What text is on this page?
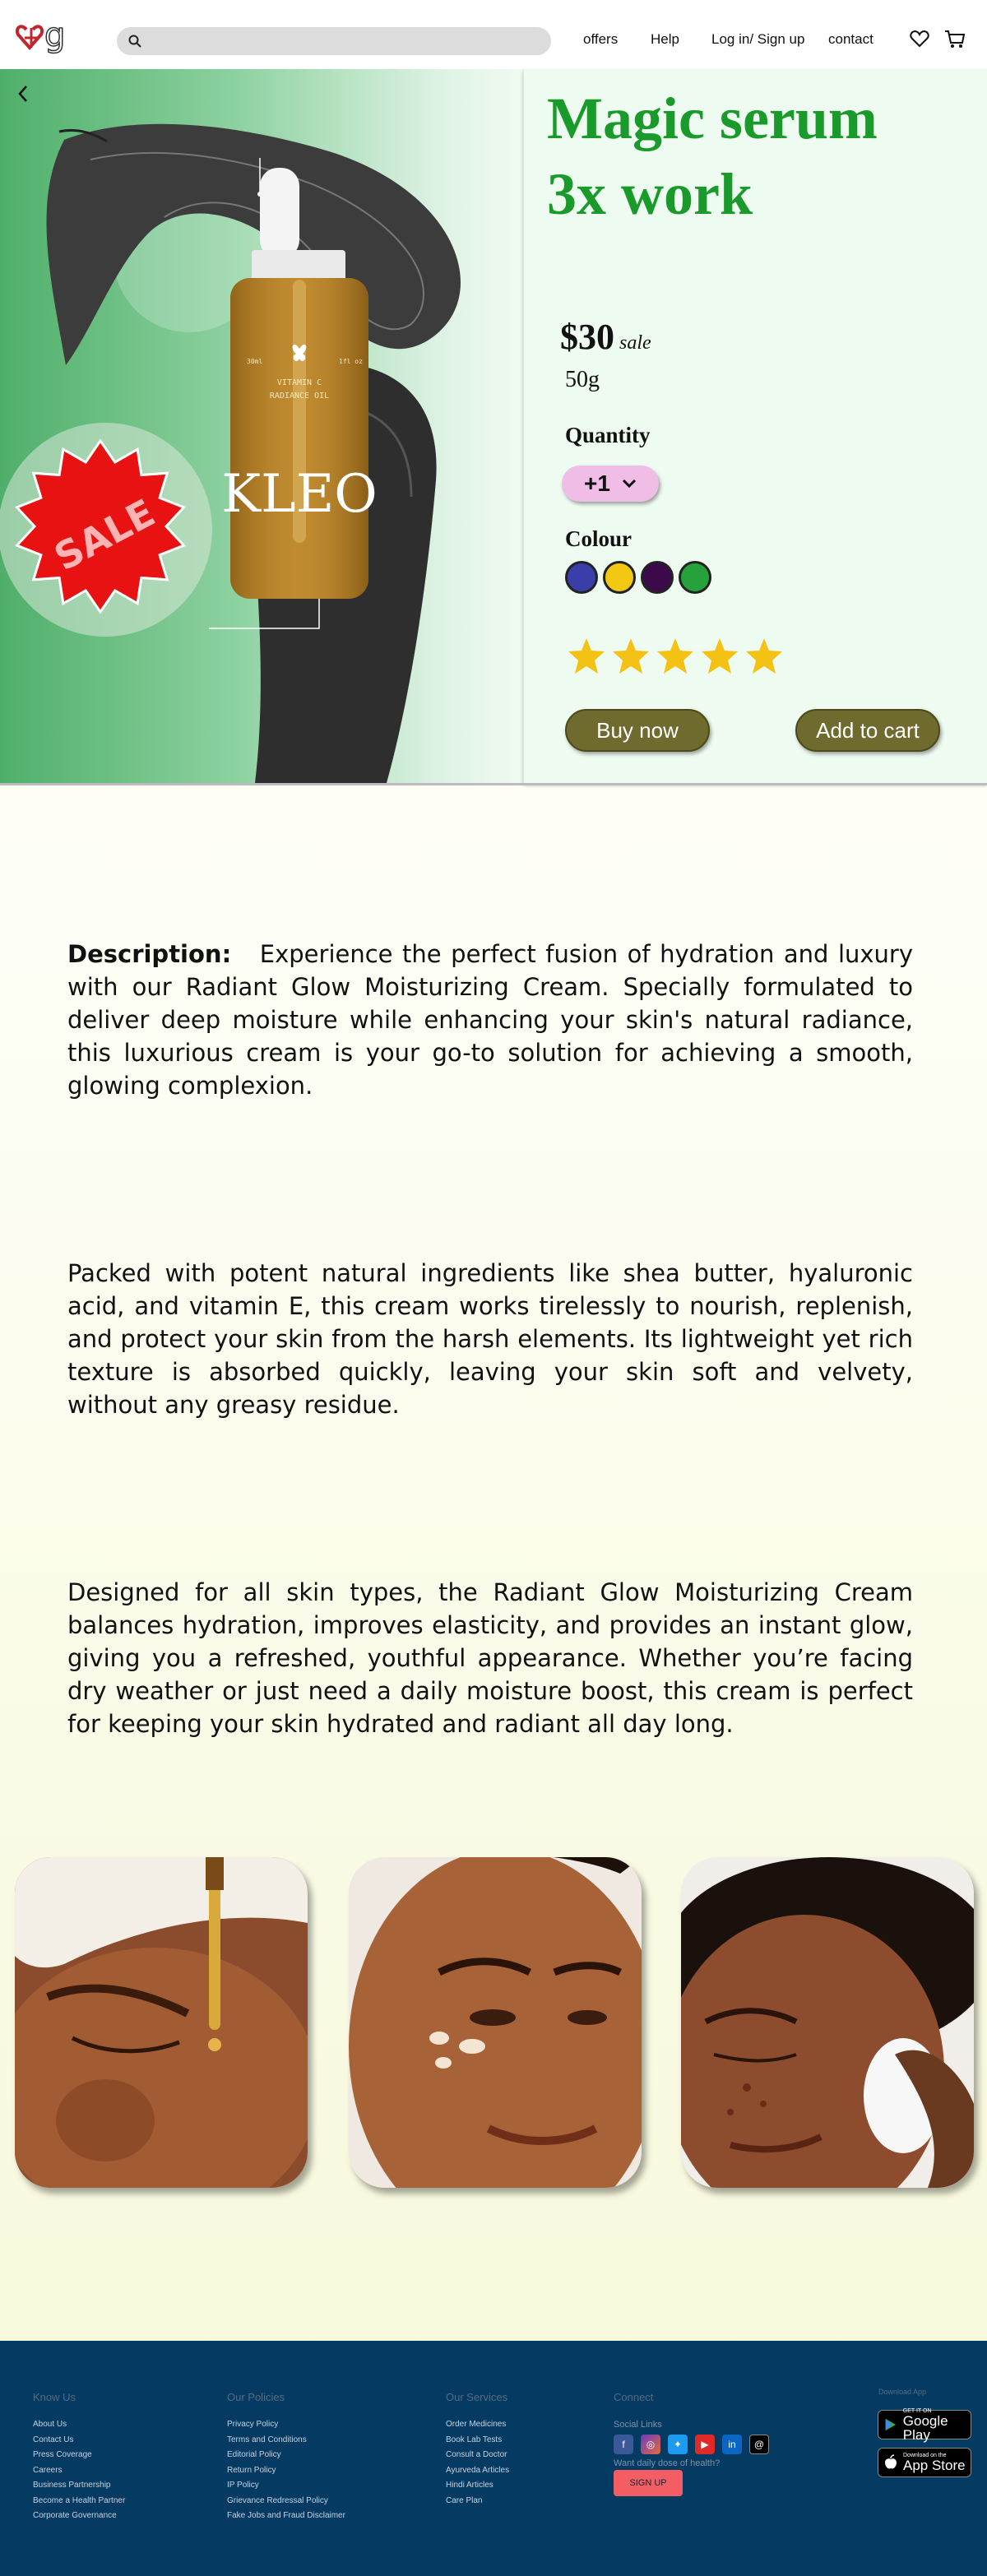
g	offers Help Log in/ Sign up contact
VITAMIN C
RADIANCE OIL
30ml	1fl oz
KLEO
SALE
Magic serum
3x work
$30 sale
50g
Quantity
+1
Colour
Buy now	Add to cart

Description: Experience the perfect fusion of hydration and luxury with our Radiant Glow Moisturizing Cream. Specially formulated to deliver deep moisture while enhancing your skin's natural radiance, this luxurious cream is your go-to solution for achieving a smooth, glowing complexion.

Packed with potent natural ingredients like shea butter, hyaluronic acid, and vitamin E, this cream works tirelessly to nourish, replenish, and protect your skin from the harsh elements. Its lightweight yet rich texture is absorbed quickly, leaving your skin soft and velvety, without any greasy residue.

Designed for all skin types, the Radiant Glow Moisturizing Cream balances hydration, improves elasticity, and provides an instant glow, giving you a refreshed, youthful appearance. Whether you’re facing dry weather or just need a daily moisture boost, this cream is perfect for keeping your skin hydrated and radiant all day long.

Know Us
About Us
Contact Us
Press Coverage
Careers
Business Partnership
Become a Health Partner
Corporate Governance
Our Policies
Privacy Policy
Terms and Conditions
Editorial Policy
Return Policy
IP Policy
Grievance Redressal Policy
Fake Jobs and Fraud Disclaimer
Our Services
Order Medicines
Book Lab Tests
Consult a Doctor
Ayurveda Articles
Hindi Articles
Care Plan
Connect
Social Links
f	◎	✦	▶	in	@
Want daily dose of health?
SIGN UP
Download App
GET IT ON
Google Play
Download on the
App Store
